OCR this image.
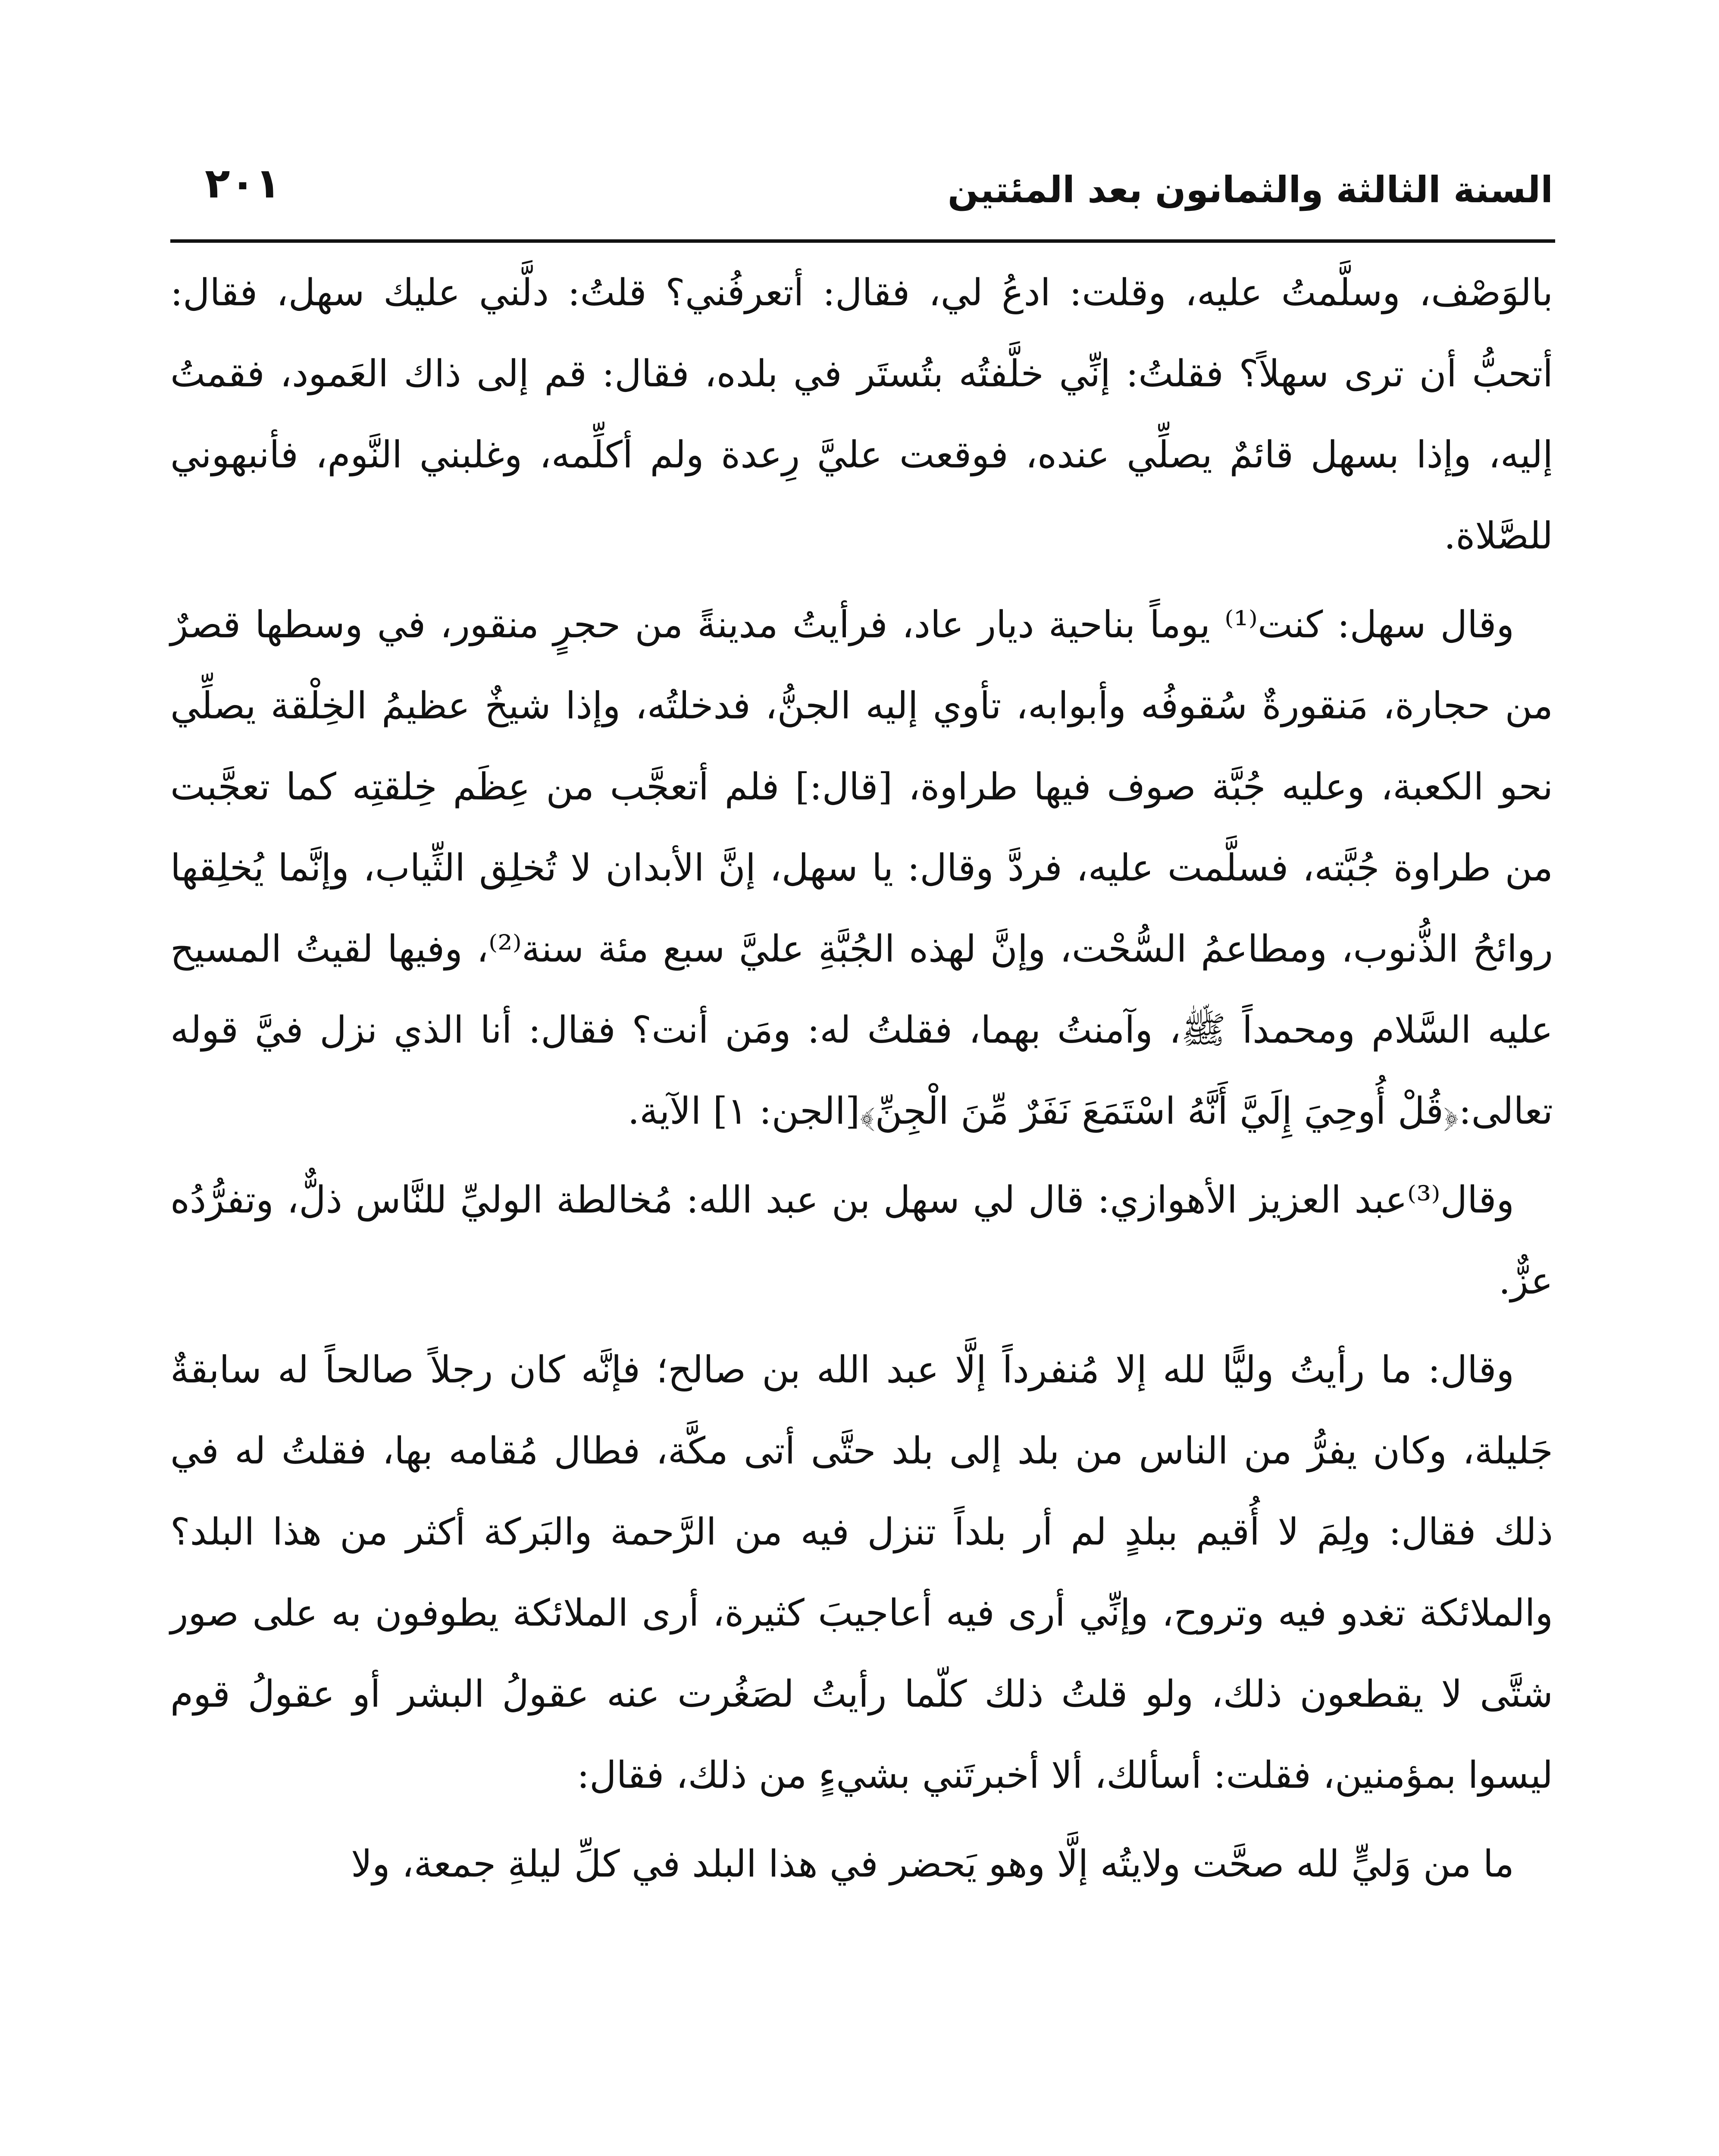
السنة الثالثة والثمانون بعد المئتين
٢٠١

بالوَصْف، وسلَّمتُ عليه، وقلت: ادعُ لي، فقال: أتعرفُني؟ قلتُ: دلَّني عليك سهل، فقال: أتحبُّ أن ترى سهلاً؟ فقلتُ: إنِّي خلَّفتُه بتُستَر في بلده، فقال: قم إلى ذاك العَمود، فقمتُ إليه، وإذا بسهل قائمٌ يصلِّي عنده، فوقعت عليَّ رِعدة ولم أكلِّمه، وغلبني النَّوم، فأنبهوني للصَّلاة.

وقال سهل: كنت⁽¹⁾ يوماً بناحية ديار عاد، فرأيتُ مدينةً من حجرٍ منقور، في وسطها قصرٌ من حجارة، مَنقورةٌ سُقوفُه وأبوابه، تأوي إليه الجنُّ، فدخلتُه، وإذا شيخٌ عظيمُ الخِلْقة يصلِّي نحو الكعبة، وعليه جُبَّة صوف فيها طراوة، [قال:] فلم أتعجَّب من عِظَم خِلقتِه كما تعجَّبت من طراوة جُبَّته، فسلَّمت عليه، فردَّ وقال: يا سهل، إنَّ الأبدان لا تُخلِق الثِّياب، وإنَّما يُخلِقها روائحُ الذُّنوب، ومطاعمُ السُّحْت، وإنَّ لهذه الجُبَّةِ عليَّ سبع مئة سنة⁽²⁾، وفيها لقيتُ المسيح عليه السَّلام ومحمداً ﷺ، وآمنتُ بهما، فقلتُ له: ومَن أنت؟ فقال: أنا الذي نزل فيَّ قوله تعالى:﴿قُلْ أُوحِيَ إِلَيَّ أَنَّهُ اسْتَمَعَ نَفَرٌ مِّنَ الْجِنِّ﴾[الجن: ١] الآية.

وقال⁽³⁾عبد العزيز الأهوازي: قال لي سهل بن عبد الله: مُخالطة الوليِّ للنَّاس ذلٌّ، وتفرُّدُه عزٌّ.

وقال: ما رأيتُ وليًّا لله إلا مُنفرداً إلَّا عبد الله بن صالح؛ فإنَّه كان رجلاً صالحاً له سابقةٌ جَليلة، وكان يفرُّ من الناس من بلد إلى بلد حتَّى أتى مكَّة، فطال مُقامه بها، فقلتُ له في ذلك فقال: ولِمَ لا أُقيم ببلدٍ لم أر بلداً تنزل فيه من الرَّحمة والبَركة أكثر من هذا البلد؟ والملائكة تغدو فيه وتروح، وإنِّي أرى فيه أعاجيبَ كثيرة، أرى الملائكة يطوفون به على صور شتَّى لا يقطعون ذلك، ولو قلتُ ذلك كلّما رأيتُ لصَغُرت عنه عقولُ البشر أو عقولُ قوم ليسوا بمؤمنين، فقلت: أسألك، ألا أخبرتَني بشيءٍ من ذلك، فقال:

ما من وَليٍّ لله صحَّت ولايتُه إلَّا وهو يَحضر في هذا البلد في كلِّ ليلةِ جمعة، ولا
